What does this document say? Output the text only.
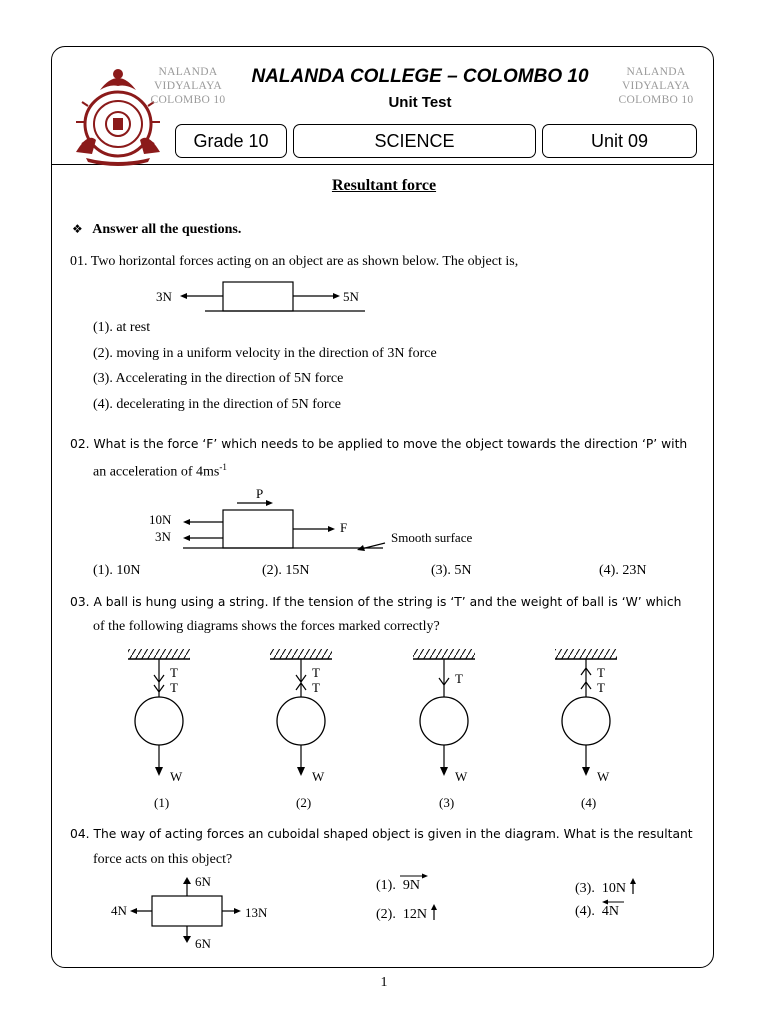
NALANDA
VIDYALAYA
COLOMBO 10
NALANDA
VIDYALAYA
COLOMBO 10
NALANDA COLLEGE – COLOMBO 10
Unit Test
Grade 10	SCIENCE	Unit 09
Resultant force
❖ Answer all the questions.
01. Two horizontal forces acting on an object are as shown below. The object is,
3N	5N
(1). at rest
(2). moving in a uniform velocity in the direction of 3N force
(3). Accelerating in the direction of 5N force
(4). decelerating in the direction of 5N force
02. What is the force ‘F’ which needs to be applied to move the object towards the direction ‘P’ with
an acceleration of $4ms^{-1}$
P
10N
3N
F
Smooth surface
(1). 10N	(2). 15N	(3). 5N	(4). 23N
03. A ball is hung using a string. If the tension of the string is ‘T’ and the weight of ball is ‘W’ which
of the following diagrams shows the forces marked correctly?
T
T
W
(1)
T
T
W
(2)
T
W
(3)
T
T
W
(4)
04. The way of acting forces an cuboidal shaped object is given in the diagram. What is the resultant
force acts on this object?
6N
6N
4N	13N
(1). 9N
(2). 12N
(3). 10N
(4). 4N
1
